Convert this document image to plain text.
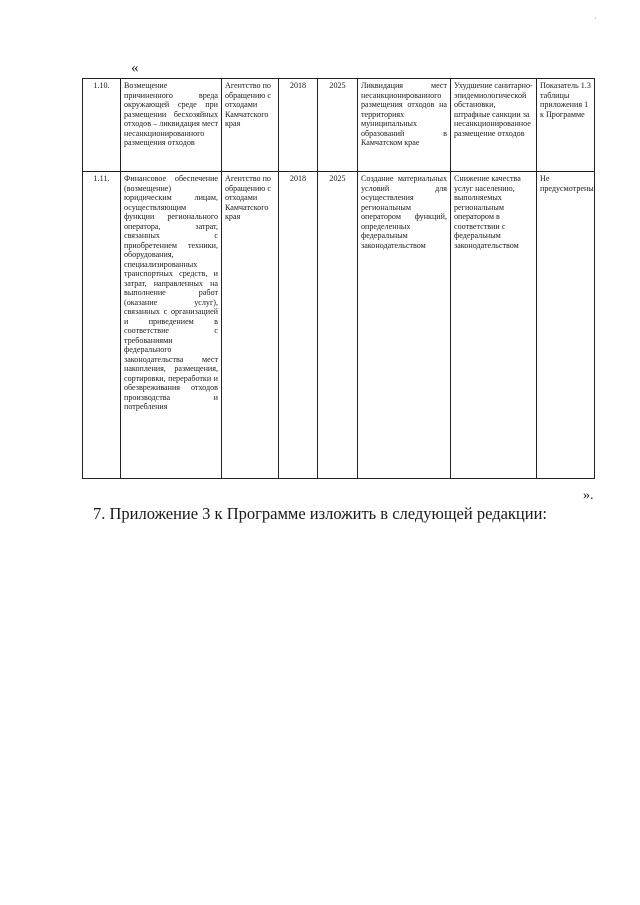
·
«
1.10.	Возмещение причиненного вреда окружающей среде при размещении бесхозяйных отходов – ликвидация мест несанкционированного размещения отходов	Агентство по обращению с отходами Камчатского края	2018	2025	Ликвидация мест несанкционированного размещения отходов на территориях муниципальных образований в Камчатском крае	Ухудшение санитарно-эпидемиологической обстановки, штрафные санкции за несанкционированное размещение отходов	Показатель 1.3 таблицы приложения 1 к Программе
1.11.	Финансовое обеспечение (возмещение) юридическим лицам, осуществляющим функции регионального оператора, затрат, связанных с приобретением техники, оборудования, специализированных транспортных средств, и затрат, направленных на выполнение работ (оказание услуг), связанных с организацией и приведением в соответствие с требованиями федерального законодательства мест накопления, размещения, сортировки, переработки и обезвреживания отходов производства и потребления	Агентство по обращению с отходами Камчатского края	2018	2025	Создание материальных условий для осуществления региональным оператором функций, определенных федеральным законодательством	Снижение качества услуг населению, выполняемых региональным оператором в соответствии с федеральным законодательством	Не предусмотрены
».
7. Приложение 3 к Программе изложить в следующей редакции:
